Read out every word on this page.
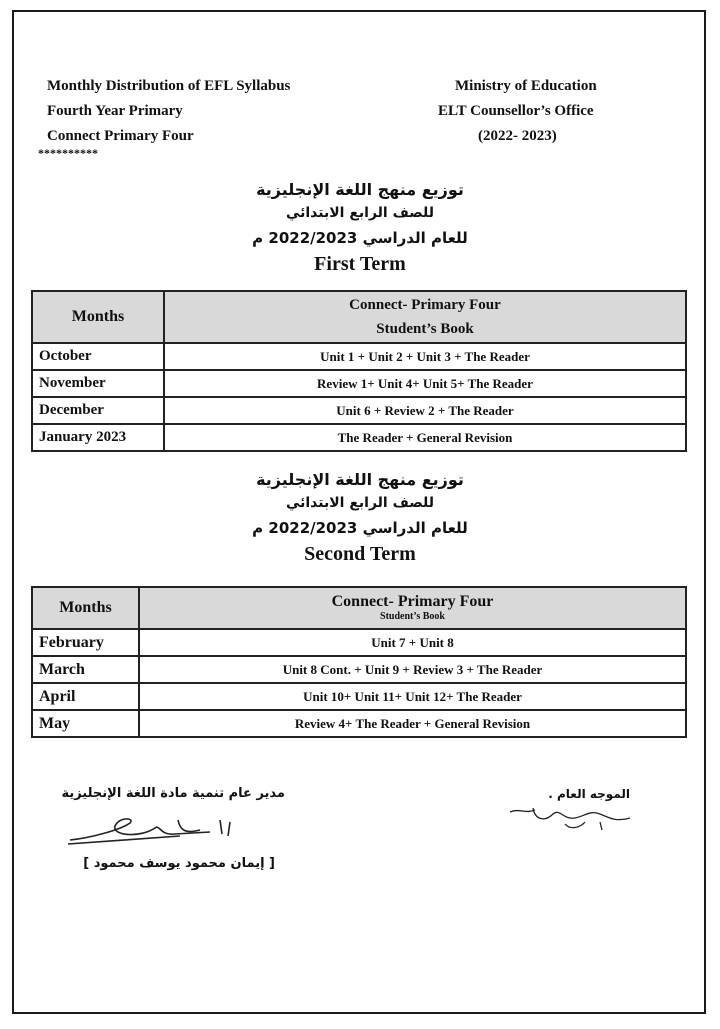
Monthly Distribution of EFL Syllabus
Fourth Year Primary
Connect Primary Four
Ministry of Education
ELT Counsellor’s Office
(2022- 2023)
**********
توزيع منهج اللغة الإنجليزية
للصف الرابع الابتدائي
للعام الدراسي 2022/2023 م
First Term
Months	Connect- Primary Four
Student’s Book

October	Unit 1 + Unit 2 + Unit 3 + The Reader
November	Review 1+ Unit 4+ Unit 5+ The Reader
December	Unit 6 + Review 2 + The Reader
January 2023	The Reader + General Revision
توزيع منهج اللغة الإنجليزية
للصف الرابع الابتدائي
للعام الدراسي 2022/2023 م
Second Term
Months	Connect- Primary Four
Student’s Book

February	Unit 7 + Unit 8
March	Unit 8 Cont. + Unit 9 + Review 3 + The Reader
April	Unit 10+ Unit 11+ Unit 12+ The Reader
May	Review 4+ The Reader + General Revision
مدير عام تنمية مادة اللغة الإنجليزية
[ إيمان محمود يوسف محمود ]
الموجه العام .
